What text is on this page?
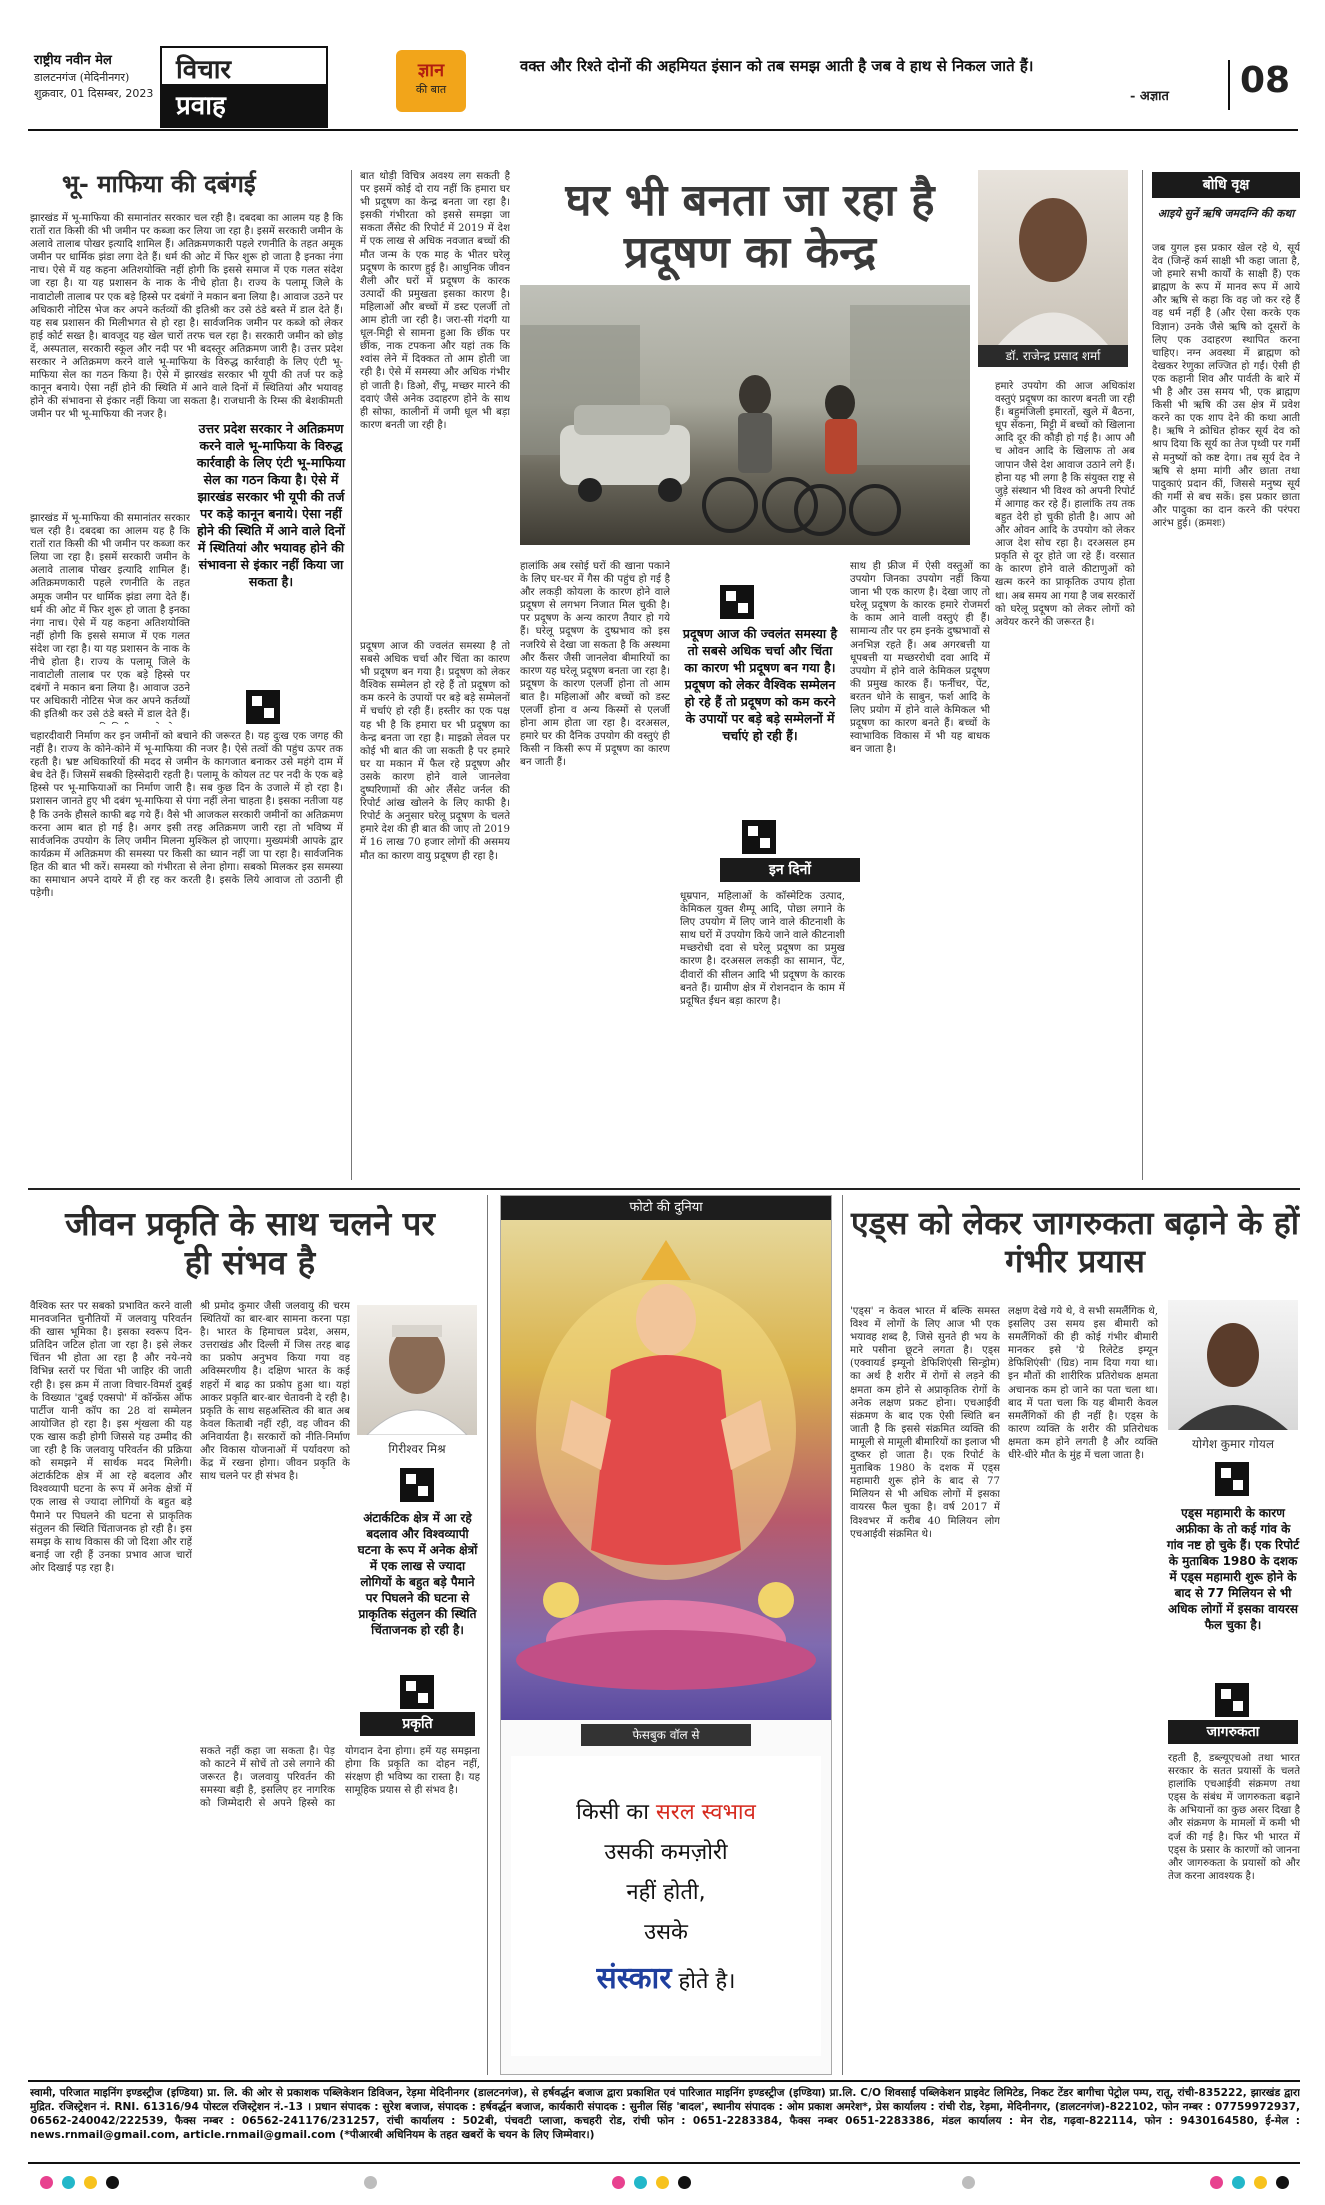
राष्ट्रीय नवीन मेल
डालटनगंज (मेदिनीनगर)
शुक्रवार, 01 दिसम्बर, 2023
विचार
प्रवाह
ज्ञान
की बात
वक्त और रिश्ते दोनों की अहमियत इंसान को तब समझ आती है जब वे हाथ से निकल जाते हैं।
- अज्ञात	08
भू- माफिया की दबंगई
झारखंड में भू-माफिया की समानांतर सरकार चल रही है। दबदबा का आलम यह है कि रातों रात किसी की भी जमीन पर कब्जा कर लिया जा रहा है। इसमें सरकारी जमीन के अलावे तालाब पोखर इत्यादि शामिल हैं। अतिक्रमणकारी पहले रणनीति के तहत अमूक जमीन पर धार्मिक झंडा लगा देते हैं। धर्म की ओट में फिर शुरू हो जाता है इनका नंगा नाच। ऐसे में यह कहना अतिशयोक्ति नहीं होगी कि इससे समाज में एक गलत संदेश जा रहा है। या यह प्रशासन के नाक के नीचे होता है। राज्य के पलामू जिले के नावाटोली तालाब पर एक बड़े हिस्से पर दबंगों ने मकान बना लिया है। आवाज उठने पर अधिकारी नोटिस भेज कर अपने कर्तव्यों की इतिश्री कर उसे ठंडे बस्ते में डाल देते हैं। यह सब प्रशासन की मिलीभगत से हो रहा है। सार्वजनिक जमीन पर कब्जे को लेकर हाई कोर्ट सख्त है। बावजूद यह खेल चारों तरफ चल रहा है। सरकारी जमीन को छोड़ दें, अस्पताल, सरकारी स्कूल और नदी पर भी बदस्तूर अतिक्रमण जारी है। उत्तर प्रदेश सरकार ने अतिक्रमण करने वाले भू-माफिया के विरुद्ध कार्रवाही के लिए एंटी भू-माफिया सेल का गठन किया है। ऐसे में झारखंड सरकार भी यूपी की तर्ज पर कड़े कानून बनाये। ऐसा नहीं होने की स्थिति में आने वाले दिनों में स्थितियां और भयावह होने की संभावना से इंकार नहीं किया जा सकता है। राजधानी के रिम्स की बेशकीमती जमीन पर भी भू-माफिया की नजर है।
झारखंड में भू-माफिया की समानांतर सरकार चल रही है। दबदबा का आलम यह है कि रातों रात किसी की भी जमीन पर कब्जा कर लिया जा रहा है। इसमें सरकारी जमीन के अलावे तालाब पोखर इत्यादि शामिल हैं। अतिक्रमणकारी पहले रणनीति के तहत अमूक जमीन पर धार्मिक झंडा लगा देते हैं। धर्म की ओट में फिर शुरू हो जाता है इनका नंगा नाच। ऐसे में यह कहना अतिशयोक्ति नहीं होगी कि इससे समाज में एक गलत संदेश जा रहा है। या यह प्रशासन के नाक के नीचे होता है। राज्य के पलामू जिले के नावाटोली तालाब पर एक बड़े हिस्से पर दबंगों ने मकान बना लिया है। आवाज उठने पर अधिकारी नोटिस भेज कर अपने कर्तव्यों की इतिश्री कर उसे ठंडे बस्ते में डाल देते हैं।
उत्तर प्रदेश सरकार ने अतिक्रमण करने वाले भू-माफिया के विरुद्ध कार्रवाही के लिए एंटी भू-माफिया सेल का गठन किया है। ऐसे में झारखंड सरकार भी यूपी की तर्ज पर कड़े कानून बनाये। ऐसा नहीं होने की स्थिति में आने वाले दिनों में स्थितियां और भयावह होने की संभावना से इंकार नहीं किया जा सकता है।
चहारदीवारी निर्माण कर इन जमीनों को बचाने की जरूरत है। यह दुःख एक जगह की नहीं है। राज्य के कोने-कोने में भू-माफिया की नजर है। ऐसे तत्वों की पहुंच ऊपर तक रहती है। भ्रष्ट अधिकारियों की मदद से जमीन के कागजात बनाकर उसे महंगे दाम में बेच देते हैं। जिसमें सबकी हिस्सेदारी रहती है। पलामू के कोयल तट पर नदी के एक बड़े हिस्से पर भू-माफियाओं का निर्माण जारी है। सब कुछ दिन के उजाले में हो रहा है। प्रशासन जानते हुए भी दबंग भू-माफिया से पंगा नहीं लेना चाहता है। इसका नतीजा यह है कि उनके हौसले काफी बढ़ गये हैं। वैसे भी आजकल सरकारी जमीनों का अतिक्रमण करना आम बात हो गई है। अगर इसी तरह अतिक्रमण जारी रहा तो भविष्य में सार्वजनिक उपयोग के लिए जमीन मिलना मुश्किल हो जाएगा। मुख्यमंत्री आपके द्वार कार्यक्रम में अतिक्रमण की समस्या पर किसी का ध्यान नहीं जा पा रहा है। सार्वजनिक हित की बात भी करें। समस्या को गंभीरता से लेना होगा। सबको मिलकर इस समस्या का समाधान अपने दायरे में ही रह कर करती है। इसके लिये आवाज तो उठानी ही पड़ेगी।
बात थोड़ी विचित्र अवश्य लग सकती है पर इसमें कोई दो राय नहीं कि हमारा घर भी प्रदूषण का केन्द्र बनता जा रहा है। इसकी गंभीरता को इससे समझा जा सकता लैंसेट की रिपोर्ट में 2019 में देश में एक लाख से अधिक नवजात बच्चों की मौत जन्म के एक माह के भीतर घरेलू प्रदूषण के कारण हुई है। आधुनिक जीवन शैली और घरों में प्रदूषण के कारक उत्पादों की प्रमुखता इसका कारण है। महिलाओं और बच्चों में डस्ट एलर्जी तो आम होती जा रही है। जरा-सी गंदगी या धूल-मिट्टी से सामना हुआ कि छींक पर छींक, नाक टपकना और यहां तक कि श्वांस लेने में दिक्कत तो आम होती जा रही है। ऐसे में समस्या और अधिक गंभीर हो जाती है। डिओ, शैंपू, मच्छर मारने की दवाएं जैसे अनेक उदाहरण होने के साथ ही सोफा, कालीनों में जमी धूल भी बड़ा कारण बनती जा रही है।
प्रदूषण आज की ज्वलंत समस्या है तो सबसे अधिक चर्चा और चिंता का कारण भी प्रदूषण बन गया है। प्रदूषण को लेकर वैश्विक सम्मेलन हो रहे हैं तो प्रदूषण को कम करने के उपायों पर बड़े बड़े सम्मेलनों में चर्चाएं हो रही हैं। हस्तीर का एक पक्ष यह भी है कि हमारा घर भी प्रदूषण का केन्द्र बनता जा रहा है। माइक्रो लेवल पर कोई भी बात की जा सकती है पर हमारे घर या मकान में फैल रहे प्रदूषण और उसके कारण होने वाले जानलेवा दुष्परिणामों की ओर लैंसेट जर्नल की रिपोर्ट आंख खोलने के लिए काफी है। रिपोर्ट के अनुसार घरेलू प्रदूषण के चलते हमारे देश की ही बात की जाए तो 2019 में 16 लाख 70 हजार लोगों की असमय मौत का कारण वायु प्रदूषण ही रहा है।
घर भी बनता जा रहा है प्रदूषण का केन्द्र
डॉ. राजेन्द्र प्रसाद शर्मा
हालांकि अब रसोई घरों की खाना पकाने के लिए घर-घर में गैस की पहुंच हो गई है और लकड़ी कोयला के कारण होने वाले प्रदूषण से लगभग निजात मिल चुकी है। पर प्रदूषण के अन्य कारण तैयार हो गये हैं। घरेलू प्रदूषण के दुष्प्रभाव को इस नजरिये से देखा जा सकता है कि अस्थमा और कैंसर जैसी जानलेवा बीमारियों का कारण यह घरेलू प्रदूषण बनता जा रहा है। प्रदूषण के कारण एलर्जी होना तो आम बात है। महिलाओं और बच्चों को डस्ट एलर्जी होना व अन्य किस्मों से एलर्जी होना आम होता जा रहा है। दरअसल, हमारे घर की दैनिक उपयोग की वस्तुएं ही किसी न किसी रूप में प्रदूषण का कारण बन जाती हैं।
प्रदूषण आज की ज्वलंत समस्या है तो सबसे अधिक चर्चा और चिंता का कारण भी प्रदूषण बन गया है। प्रदूषण को लेकर वैश्विक सम्मेलन हो रहे हैं तो प्रदूषण को कम करने के उपायों पर बड़े बड़े सम्मेलनों में चर्चाएं हो रही हैं।
इन दिनों
धूम्रपान, महिलाओं के कॉस्मेटिक उत्पाद, केमिकल युक्त शैम्पू आदि, पोछा लगाने के लिए उपयोग में लिए जाने वाले कीटनाशी के साथ घरों में उपयोग किये जाने वाले कीटनाशी मच्छरोधी दवा से घरेलू प्रदूषण का प्रमुख कारण है। दरअसल लकड़ी का सामान, पेंट, दीवारों की सीलन आदि भी प्रदूषण के कारक बनते हैं। ग्रामीण क्षेत्र में रोशनदान के काम में प्रदूषित ईंधन बड़ा कारण है।
साथ ही फ्रीज में ऐसी वस्तुओं का उपयोग जिनका उपयोग नहीं किया जाना भी एक कारण है। देखा जाए तो घरेलू प्रदूषण के कारक हमारे रोजमर्रा के काम आने वाली वस्तुएं ही हैं। सामान्य तौर पर हम इनके दुष्प्रभावों से अनभिज्ञ रहते हैं। अब अगरबत्ती या धूपबत्ती या मच्छररोधी दवा आदि में उपयोग में होने वाले केमिकल प्रदूषण की प्रमुख कारक हैं। फर्नीचर, पेंट, बरतन धोने के साबुन, फर्श आदि के लिए प्रयोग में होने वाले केमिकल भी प्रदूषण का कारण बनते हैं। बच्चों के स्वाभाविक विकास में भी यह बाधक बन जाता है।
हमारे उपयोग की आज अधिकांश वस्तुएं प्रदूषण का कारण बनती जा रही हैं। बहुमंजिली इमारतों, खुले में बैठना, धूप सेंकना, मिट्टी में बच्चों को खिलाना आदि दूर की कौड़ी हो गई है। आप औ च ओवन आदि के खिलाफ तो अब जापान जैसे देश आवाज उठाने लगे हैं। होना यह भी लगा है कि संयुक्त राष्ट्र से जुड़े संस्थान भी विश्व को अपनी रिपोर्ट में आगाह कर रहे हैं। हालांकि तय तक बहुत देरी हो चुकी होती है। आप ओ और ओवन आदि के उपयोग को लेकर आज देश सोच रहा है। दरअसल हम प्रकृति से दूर होते जा रहे हैं। वरसात के कारण होने वाले कीटाणुओं को खत्म करने का प्राकृतिक उपाय होता था। अब समय आ गया है जब सरकारों को घरेलू प्रदूषण को लेकर लोगों को अवेयर करने की जरूरत है।
बोधि वृक्ष
आइये सुनें ऋषि जमदग्नि की कथा
जब युगल इस प्रकार खेल रहे थे, सूर्य देव (जिन्हें कर्म साक्षी भी कहा जाता है, जो हमारे सभी कार्यों के साक्षी हैं) एक ब्राह्मण के रूप में मानव रूप में आये और ऋषि से कहा कि वह जो कर रहे हैं वह धर्म नहीं है (और ऐसा करके एक विज्ञान) उनके जैसे ऋषि को दूसरों के लिए एक उदाहरण स्थापित करना चाहिए। नग्न अवस्था में ब्राह्मण को देखकर रेणुका लज्जित हो गईं। ऐसी ही एक कहानी शिव और पार्वती के बारे में भी है और उस समय भी, एक ब्राह्मण किसी भी ऋषि की उस क्षेत्र में प्रवेश करने का एक शाप देने की कथा आती है। ऋषि ने क्रोधित होकर सूर्य देव को श्राप दिया कि सूर्य का तेज पृथ्वी पर गर्मी से मनुष्यों को कष्ट देगा। तब सूर्य देव ने ऋषि से क्षमा मांगी और छाता तथा पादुकाएं प्रदान कीं, जिससे मनुष्य सूर्य की गर्मी से बच सकें। इस प्रकार छाता और पादुका का दान करने की परंपरा आरंभ हुई। (क्रमशः)
जीवन प्रकृति के साथ चलने पर ही संभव है
वैश्विक स्तर पर सबको प्रभावित करने वाली मानवजनित चुनौतियों में जलवायु परिवर्तन की खास भूमिका है। इसका स्वरूप दिन-प्रतिदिन जटिल होता जा रहा है। इसे लेकर चिंतन भी होता आ रहा है और नये-नये विभिन्न स्तरों पर चिंता भी जाहिर की जाती रही है। इस क्रम में ताजा विचार-विमर्श दुबई के विख्यात 'दुबई एक्सपो' में कॉन्फ्रेंस ऑफ पार्टीज यानी कॉप का 28 वां सम्मेलन आयोजित हो रहा है। इस शृंखला की यह एक खास कड़ी होगी जिससे यह उम्मीद की जा रही है कि जलवायु परिवर्तन की प्रक्रिया को समझने में सार्थक मदद मिलेगी। अंटार्कटिक क्षेत्र में आ रहे बदलाव और विश्वव्यापी घटना के रूप में अनेक क्षेत्रों में एक लाख से ज्यादा लोगियों के बहुत बड़े पैमाने पर पिघलने की घटना से प्राकृतिक संतुलन की स्थिति चिंताजनक हो रही है। इस समझ के साथ विकास की जो दिशा और राहें बनाई जा रही हैं उनका प्रभाव आज चारों ओर दिखाई पड़ रहा है।
श्री प्रमोद कुमार जैसी जलवायु की चरम स्थितियों का बार-बार सामना करना पड़ा है। भारत के हिमाचल प्रदेश, असम, उत्तराखंड और दिल्ली में जिस तरह बाढ़ का प्रकोप अनुभव किया गया वह अविस्मरणीय है। दक्षिण भारत के कई शहरों में बाढ़ का प्रकोप हुआ था। यहां आकर प्रकृति बार-बार चेतावनी दे रही है। प्रकृति के साथ सहअस्तित्व की बात अब केवल किताबी नहीं रही, वह जीवन की अनिवार्यता है। सरकारों को नीति-निर्माण और विकास योजनाओं में पर्यावरण को केंद्र में रखना होगा। जीवन प्रकृति के साथ चलने पर ही संभव है।
गिरीश्वर मिश्र
अंटार्कटिक क्षेत्र में आ रहे बदलाव और विश्वव्यापी घटना के रूप में अनेक क्षेत्रों में एक लाख से ज्यादा लोगियों के बहुत बड़े पैमाने पर पिघलने की घटना से प्राकृतिक संतुलन की स्थिति चिंताजनक हो रही है।
प्रकृति
सकते नहीं कहा जा सकता है। पेड़ को काटने में सोचें तो उसे लगाने की जरूरत है। जलवायु परिवर्तन की समस्या बड़ी है, इसलिए हर नागरिक को जिम्मेदारी से अपने हिस्से का योगदान देना होगा। हमें यह समझना होगा कि प्रकृति का दोहन नहीं, संरक्षण ही भविष्य का रास्ता है। यह सामूहिक प्रयास से ही संभव है।
फोटो की दुनिया
फेसबुक वॉल से
किसी का सरल स्वभाव
उसकी कमज़ोरी
नहीं होती,
उसके
संस्कार होते है।
एड्स को लेकर जागरुकता बढ़ाने के हों गंभीर प्रयास
'एड्स' न केवल भारत में बल्कि समस्त विश्व में लोगों के लिए आज भी एक भयावह शब्द है, जिसे सुनते ही भय के मारे पसीना छूटने लगता है। एड्स (एक्वायर्ड इम्यूनो डेफिशिएंसी सिन्ड्रोम) का अर्थ है शरीर में रोगों से लड़ने की क्षमता कम होने से अप्राकृतिक रोगों के अनेक लक्षण प्रकट होना। एचआईवी संक्रमण के बाद एक ऐसी स्थिति बन जाती है कि इससे संक्रमित व्यक्ति की मामूली से मामूली बीमारियों का इलाज भी दुष्कर हो जाता है। एक रिपोर्ट के मुताबिक 1980 के दशक में एड्स महामारी शुरू होने के बाद से 77 मिलियन से भी अधिक लोगों में इसका वायरस फैल चुका है। वर्ष 2017 में विश्वभर में करीब 40 मिलियन लोग एचआईवी संक्रमित थे।
लक्षण देखे गये थे, वे सभी समलैंगिक थे, इसलिए उस समय इस बीमारी को समलैंगिकों की ही कोई गंभीर बीमारी मानकर इसे 'ग्रे रिलेटेड इम्यून डेफिशिएंसी' (ग्रिड) नाम दिया गया था। इन मौतों की शारीरिक प्रतिरोधक क्षमता अचानक कम हो जाने का पता चला था। बाद में पता चला कि यह बीमारी केवल समलैंगिकों की ही नहीं है। एड्स के कारण व्यक्ति के शरीर की प्रतिरोधक क्षमता कम होने लगती है और व्यक्ति धीरे-धीरे मौत के मुंह में चला जाता है।
योगेश कुमार गोयल
एड्स महामारी के कारण अफ्रीका के तो कई गांव के गांव नष्ट हो चुके हैं। एक रिपोर्ट के मुताबिक 1980 के दशक में एड्स महामारी शुरू होने के बाद से 77 मिलियन से भी अधिक लोगों में इसका वायरस फैल चुका है।
जागरुकता
रहती है, डब्ल्यूएचओ तथा भारत सरकार के सतत प्रयासों के चलते हालांकि एचआईवी संक्रमण तथा एड्स के संबंध में जागरुकता बढ़ाने के अभियानों का कुछ असर दिखा है और संक्रमण के मामलों में कमी भी दर्ज की गई है। फिर भी भारत में एड्स के प्रसार के कारणों को जानना और जागरुकता के प्रयासों को और तेज करना आवश्यक है।
स्वामी, परिजात माइनिंग इण्डस्ट्रीज (इण्डिया) प्रा. लि. की ओर से प्रकाशक पब्लिकेशन डिविजन, रेड़मा मेदिनीनगर (डालटनगंज), से हर्षवर्द्धन बजाज द्वारा प्रकाशित एवं पारिजात माइनिंग इण्डस्ट्रीज (इण्डिया) प्रा.लि. C/O शिवसाईं पब्लिकेशन प्राइवेट लिमिटेड, निकट टेंडर बागीचा पेट्रोल पम्प, रातू, रांची-835222, झारखंड द्वारा मुद्रित. रजिस्ट्रेशन नं. RNI. 61316/94 पोस्टल रजिस्ट्रेशन नं.-13 । प्रधान संपादक : सुरेश बजाज, संपादक : हर्षवर्द्धन बजाज, कार्यकारी संपादक : सुनील सिंह 'बादल', स्थानीय संपादक : ओम प्रकाश अमरेश*, प्रेस कार्यालय : रांची रोड, रेड़मा, मेदिनीनगर, (डालटनगंज)-822102, फोन नम्बर : 07759972937, 06562-240042/222539, फैक्स नम्बर : 06562-241176/231257, रांची कार्यालय : 502बी, पंचवटी प्लाजा, कचहरी रोड, रांची फोन : 0651-2283384, फैक्स नम्बर 0651-2283386, मंडल कार्यालय : मेन रोड, गढ़वा-822114, फोन : 9430164580, ई-मेल : news.rnmail@gmail.com, article.rnmail@gmail.com (*पीआरबी अधिनियम के तहत खबरों के चयन के लिए जिम्मेवार।)
